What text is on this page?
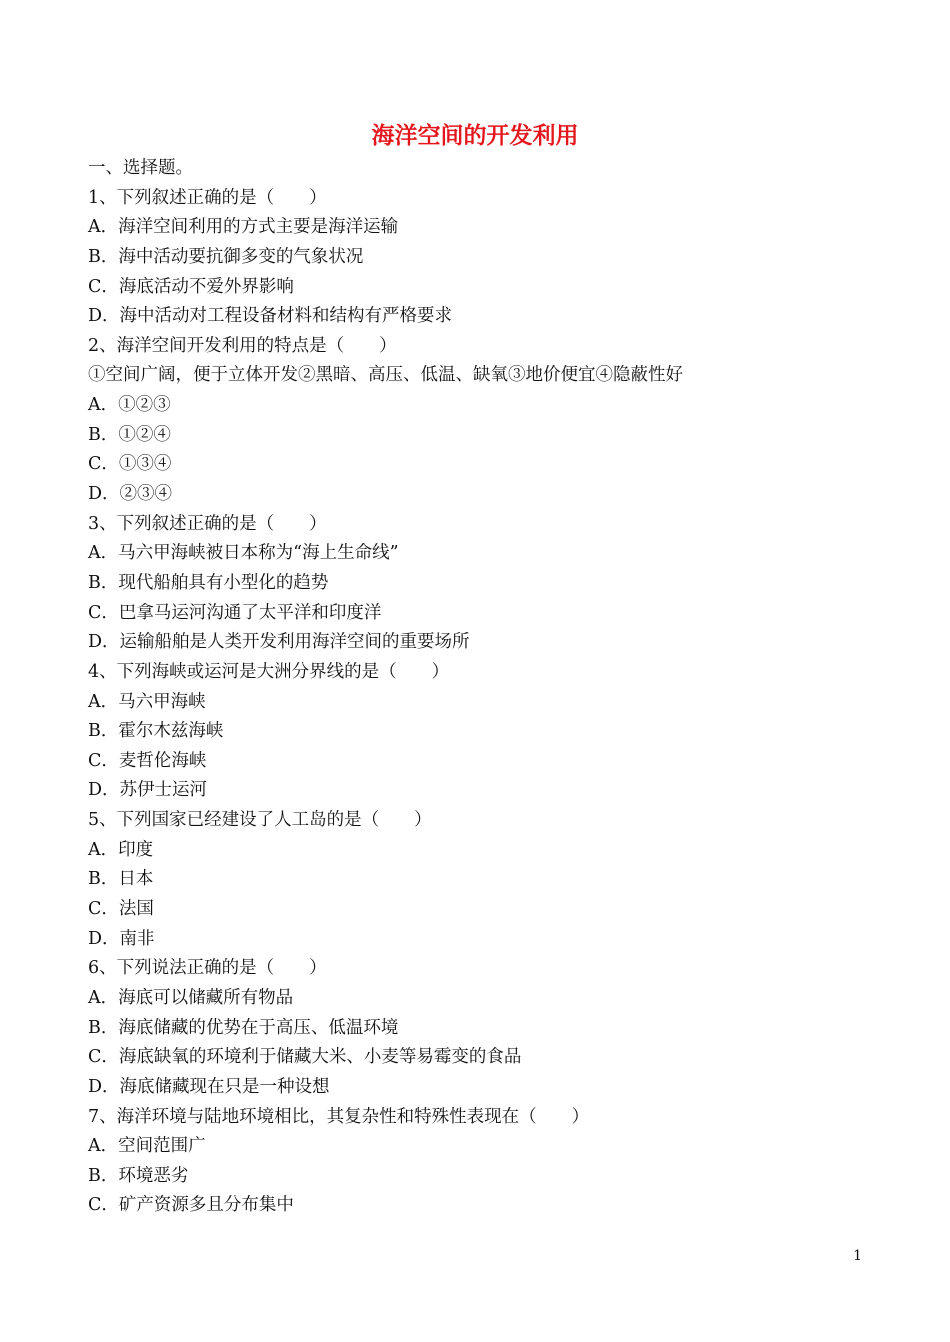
海洋空间的开发利用
一、选择题。
1、下列叙述正确的是（　　）
A．海洋空间利用的方式主要是海洋运输
B．海中活动要抗御多变的气象状况
C．海底活动不爱外界影响
D．海中活动对工程设备材料和结构有严格要求
2、海洋空间开发利用的特点是（　　）
①空间广阔，便于立体开发②黑暗、高压、低温、缺氧③地价便宜④隐蔽性好
A．①②③
B．①②④
C．①③④
D．②③④
3、下列叙述正确的是（　　）
A．马六甲海峡被日本称为“海上生命线”
B．现代船舶具有小型化的趋势
C．巴拿马运河沟通了太平洋和印度洋
D．运输船舶是人类开发利用海洋空间的重要场所
4、下列海峡或运河是大洲分界线的是（　　）
A．马六甲海峡
B．霍尔木兹海峡
C．麦哲伦海峡
D．苏伊士运河
5、下列国家已经建设了人工岛的是（　　）
A．印度
B．日本
C．法国
D．南非
6、下列说法正确的是（　　）
A．海底可以储藏所有物品
B．海底储藏的优势在于高压、低温环境
C．海底缺氧的环境利于储藏大米、小麦等易霉变的食品
D．海底储藏现在只是一种设想
7、海洋环境与陆地环境相比，其复杂性和特殊性表现在（　　）
A．空间范围广
B．环境恶劣
C．矿产资源多且分布集中
1
